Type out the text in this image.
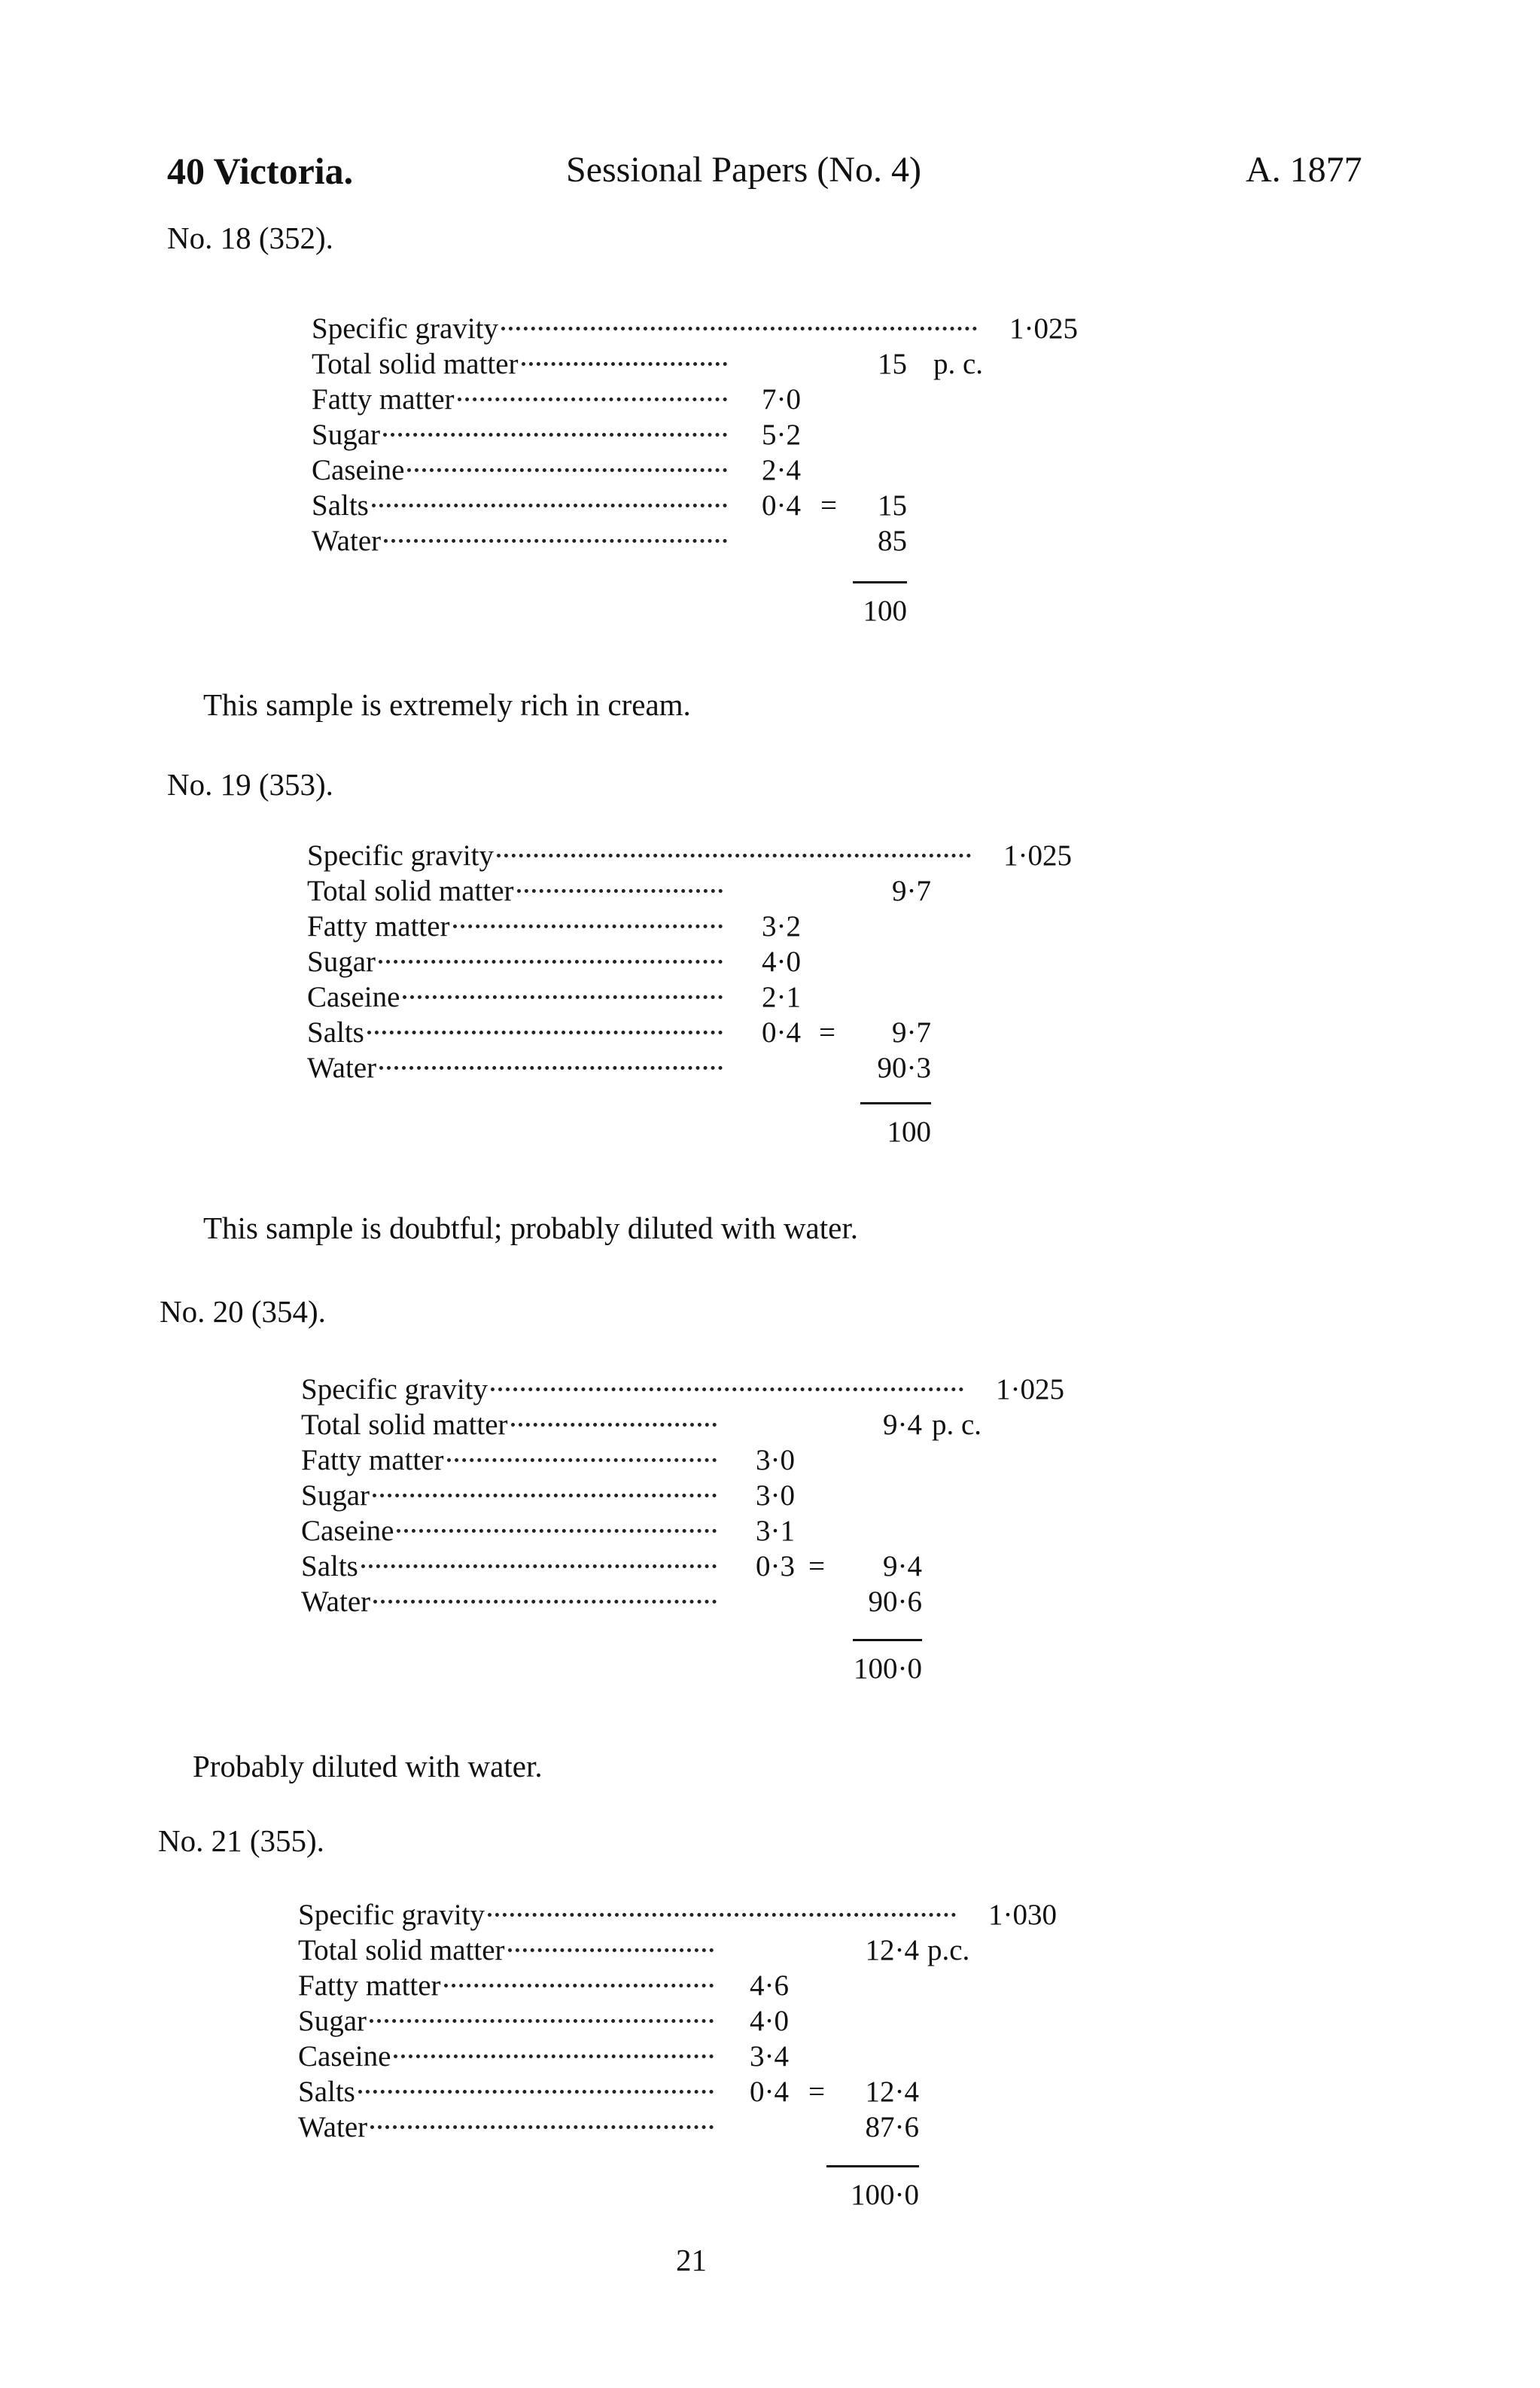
40 Victoria.	Sessional Papers (No. 4)	A. 1877
No. 18 (352).
Specific gravity	1·025
Total solid matter	15 p. c.
Fatty matter	7·0
Sugar	5·2
Caseine	2·4
Salts	0·4 = 15
Water	85
100
This sample is extremely rich in cream.
No. 19 (353).
Specific gravity	1·025
Total solid matter	9·7
Fatty matter	3·2
Sugar	4·0
Caseine	2·1
Salts	0·4 = 9·7
Water	90·3
100
This sample is doubtful; probably diluted with water.
No. 20 (354).
Specific gravity	1·025
Total solid matter	9·4 p. c.
Fatty matter	3·0
Sugar	3·0
Caseine	3·1
Salts	0·3 = 9·4
Water	90·6
100·0
Probably diluted with water.
No. 21 (355).
Specific gravity	1·030
Total solid matter	12·4 p.c.
Fatty matter	4·6
Sugar	4·0
Caseine	3·4
Salts	0·4 = 12·4
Water	87·6
100·0
21
